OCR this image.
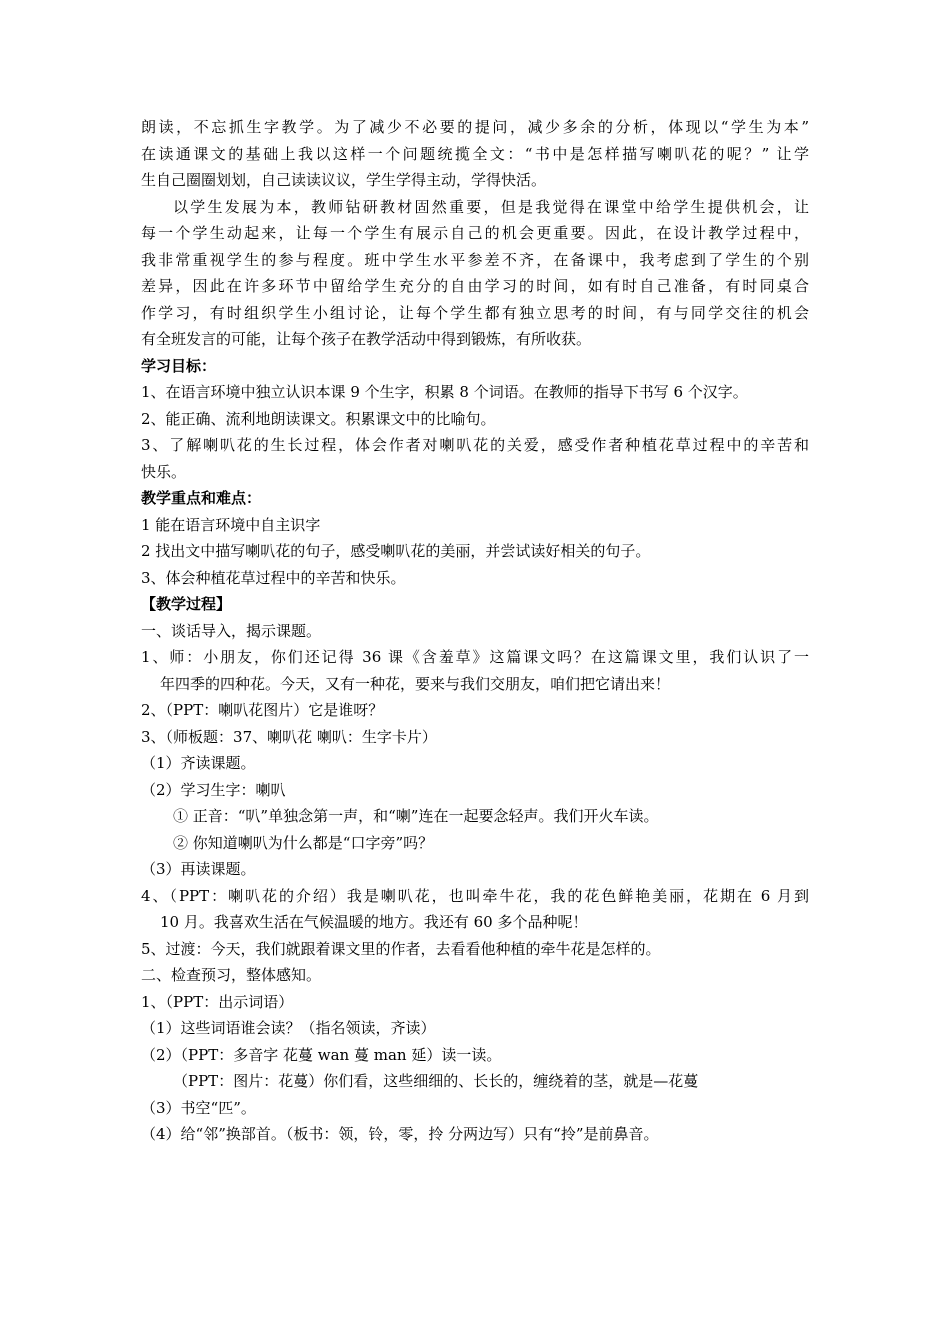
朗读，不忘抓生字教学。为了减少不必要的提问，减少多余的分析，体现以“学生为本”
在读通课文的基础上我以这样一个问题统揽全文：“书中是怎样描写喇叭花的呢？” 让学
生自己圈圈划划，自己读读议议，学生学得主动，学得快活。
以学生发展为本，教师钻研教材固然重要，但是我觉得在课堂中给学生提供机会，让
每一个学生动起来，让每一个学生有展示自己的机会更重要。因此，在设计教学过程中，
我非常重视学生的参与程度。班中学生水平参差不齐，在备课中，我考虑到了学生的个别
差异，因此在许多环节中留给学生充分的自由学习的时间，如有时自己准备，有时同桌合
作学习，有时组织学生小组讨论，让每个学生都有独立思考的时间，有与同学交往的机会
有全班发言的可能，让每个孩子在教学活动中得到锻炼，有所收获。
学习目标：
1、在语言环境中独立认识本课 9 个生字，积累 8 个词语。在教师的指导下书写 6 个汉字。
2、能正确、流利地朗读课文。积累课文中的比喻句。
3、了解喇叭花的生长过程，体会作者对喇叭花的关爱，感受作者种植花草过程中的辛苦和
快乐。
教学重点和难点：
1 能在语言环境中自主识字
2 找出文中描写喇叭花的句子，感受喇叭花的美丽，并尝试读好相关的句子。
3、体会种植花草过程中的辛苦和快乐。
【教学过程】
一、谈话导入，揭示课题。
1、师：小朋友，你们还记得 36 课《含羞草》这篇课文吗？在这篇课文里，我们认识了一
年四季的四种花。今天，又有一种花，要来与我们交朋友，咱们把它请出来！
2、（PPT：喇叭花图片）它是谁呀？
3、（师板题：37、喇叭花 喇叭：生字卡片）
（1）齐读课题。
（2）学习生字：喇叭
① 正音：“叭”单独念第一声，和“喇”连在一起要念轻声。我们开火车读。
② 你知道喇叭为什么都是“口字旁”吗？
（3）再读课题。
4、（PPT：喇叭花的介绍）我是喇叭花，也叫牵牛花，我的花色鲜艳美丽，花期在 6 月到
10 月。我喜欢生活在气候温暖的地方。我还有 60 多个品种呢！
5、过渡：今天，我们就跟着课文里的作者，去看看他种植的牵牛花是怎样的。
二、检查预习，整体感知。
1、（PPT：出示词语）
（1）这些词语谁会读？（指名领读，齐读）
（2）（PPT：多音字 花蔓 wan 蔓 man 延）读一读。
（PPT：图片：花蔓）你们看，这些细细的、长长的，缠绕着的茎，就是—花蔓
（3）书空“匹”。
（4）给“邻”换部首。（板书：领，铃，零，拎 分两边写）只有“拎”是前鼻音。
